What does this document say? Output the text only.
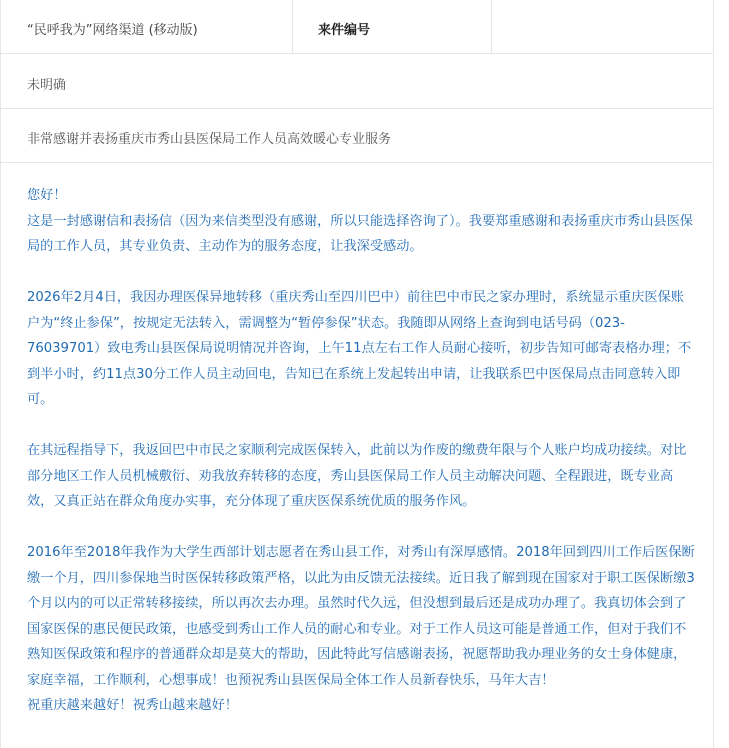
“民呼我为”网络渠道 (移动版)	来件编号
未明确
非常感谢并表扬重庆市秀山县医保局工作人员高效暖心专业服务

您好！

这是一封感谢信和表扬信（因为来信类型没有感谢，所以只能选择咨询了）。我要郑重感谢和表扬重庆市秀山县医保局的工作人员，其专业负责、主动作为的服务态度，让我深受感动。

2026年2月4日，我因办理医保异地转移（重庆秀山至四川巴中）前往巴中市民之家办理时，系统显示重庆医保账户为“终止参保”，按规定无法转入，需调整为“暂停参保”状态。我随即从网络上查询到电话号码（023-76039701）致电秀山县医保局说明情况并咨询，上午11点左右工作人员耐心接听，初步告知可邮寄表格办理；不到半小时，约11点30分工作人员主动回电，告知已在系统上发起转出申请，让我联系巴中医保局点击同意转入即可。

在其远程指导下，我返回巴中市民之家顺利完成医保转入，此前以为作废的缴费年限与个人账户均成功接续。对比部分地区工作人员机械敷衍、劝我放弃转移的态度，秀山县医保局工作人员主动解决问题、全程跟进，既专业高效，又真正站在群众角度办实事，充分体现了重庆医保系统优质的服务作风。

2016年至2018年我作为大学生西部计划志愿者在秀山县工作，对秀山有深厚感情。2018年回到四川工作后医保断缴一个月，四川参保地当时医保转移政策严格，以此为由反馈无法接续。近日我了解到现在国家对于职工医保断缴3个月以内的可以正常转移接续，所以再次去办理。虽然时代久远，但没想到最后还是成功办理了。我真切体会到了国家医保的惠民便民政策，也感受到秀山工作人员的耐心和专业。对于工作人员这可能是普通工作，但对于我们不熟知医保政策和程序的普通群众却是莫大的帮助，因此特此写信感谢表扬，祝愿帮助我办理业务的女士身体健康，家庭幸福，工作顺利，心想事成！也预祝秀山县医保局全体工作人员新春快乐，马年大吉！

祝重庆越来越好！祝秀山越来越好！
